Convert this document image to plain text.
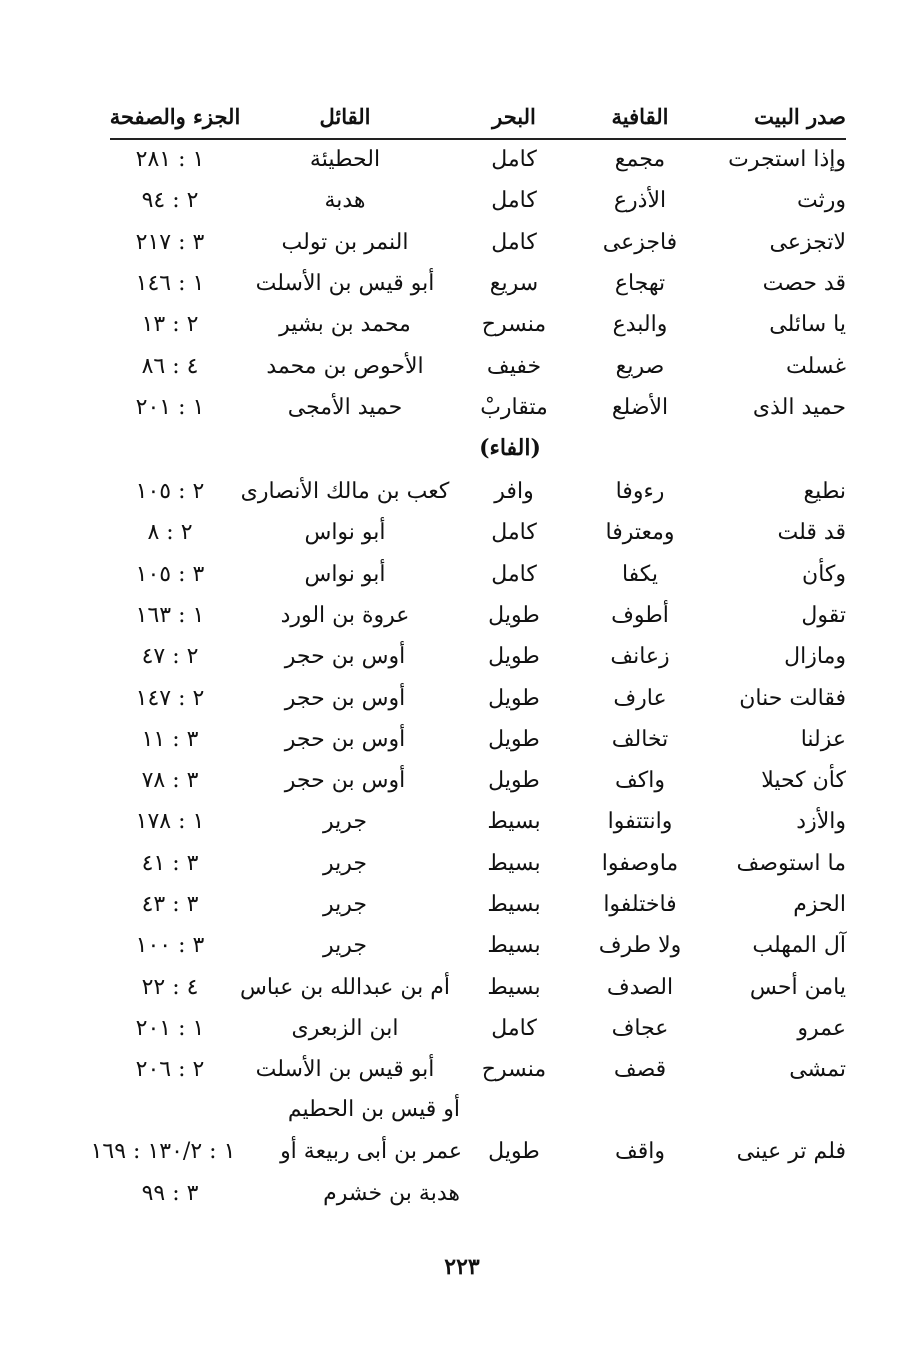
صدر البيت
القافية
البحر
القائل
الجزء والصفحة
وإذا استجرت
مجمع
كامل
الحطيئة
١ : ٢٨١
ورثت
الأذرع
كامل
هدبة
٢ : ٩٤
لاتجزعى
فاجزعى
كامل
النمر بن تولب
٣ : ٢١٧
قد حصت
تهجاع
سريع
أبو قيس بن الأسلت
١ : ١٤٦
يا سائلى
والبدع
منسرح
محمد بن بشير
٢ : ١٣
غسلت
صريع
خفيف
الأحوص بن محمد
٤ : ٨٦
حميد الذى
الأضلع
متقاربْ
حميد الأمجى
١ : ٢٠١
(الفاء)
نطيع
رءوفا
وافر
كعب بن مالك الأنصارى
٢ : ١٠٥
قد قلت
ومعترفا
كامل
أبو نواس
٢ : ٨
وكأن
يكفا
كامل
أبو نواس
٣ : ١٠٥
تقول
أطوف
طويل
عروة بن الورد
١ : ١٦٣
ومازال
زعانف
طويل
أوس بن حجر
٢ : ٤٧
فقالت حنان
عارف
طويل
أوس بن حجر
٢ : ١٤٧
عزلنا
تخالف
طويل
أوس بن حجر
٣ : ١١
كأن كحيلا
واكف
طويل
أوس بن حجر
٣ : ٧٨
والأزد
وانتتفوا
بسيط
جرير
١ : ١٧٨
ما استوصف
ماوصفوا
بسيط
جرير
٣ : ٤١
الحزم
فاختلفوا
بسيط
جرير
٣ : ٤٣
آل المهلب
ولا طرف
بسيط
جرير
٣ : ١٠٠
يامن أحس
الصدف
بسيط
أم بن عبدالله بن عباس
٤ : ٢٢
عمرو
عجاف
كامل
ابن الزبعرى
١ : ٢٠١
تمشى
قصف
منسرح
أبو قيس بن الأسلت
٢ : ٢٠٦
أو قيس بن الحطيم
فلم تر عينى
واقف
طويل
عمر بن أبى ربيعة أو
١ : ١٣٠/٢ : ١٦٩
هدبة بن خشرم
٣ : ٩٩
٢٢٣
